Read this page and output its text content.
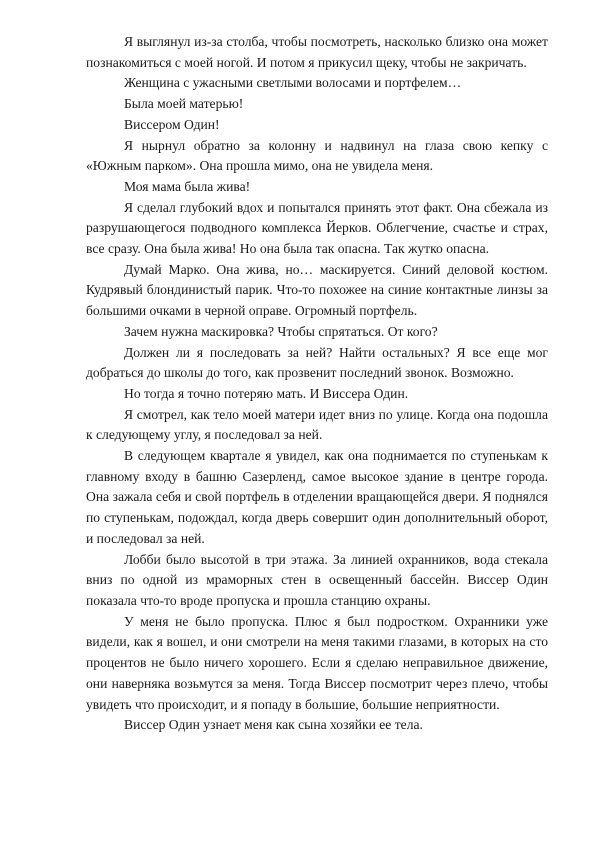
Я выглянул из-за столба, чтобы посмотреть, насколько близко она может познакомиться с моей ногой. И потом я прикусил щеку, чтобы не закричать.

Женщина с ужасными светлыми волосами и портфелем…

Была моей матерью!

Виссером Один!

Я нырнул обратно за колонну и надвинул на глаза свою кепку с «Южным парком». Она прошла мимо, она не увидела меня.

Моя мама была жива!

Я сделал глубокий вдох и попытался принять этот факт. Она сбежала из разрушающегося подводного комплекса Йерков. Облегчение, счастье и страх, все сразу. Она была жива! Но она была так опасна. Так жутко опасна.

Думай Марко. Она жива, но… маскируется. Синий деловой костюм. Кудрявый блондинистый парик. Что-то похожее на синие контактные линзы за большими очками в черной оправе. Огромный портфель.

Зачем нужна маскировка? Чтобы спрятаться. От кого?

Должен ли я последовать за ней? Найти остальных? Я все еще мог добраться до школы до того, как прозвенит последний звонок. Возможно.

Но тогда я точно потеряю мать. И Виссера Один.

Я смотрел, как тело моей матери идет вниз по улице. Когда она подошла к следующему углу, я последовал за ней.

В следующем квартале я увидел, как она поднимается по ступенькам к главному входу в башню Сазерленд, самое высокое здание в центре города. Она зажала себя и свой портфель в отделении вращающейся двери. Я поднялся по ступенькам, подождал, когда дверь совершит один дополнительный оборот, и последовал за ней.

Лобби было высотой в три этажа. За линией охранников, вода стекала вниз по одной из мраморных стен в освещенный бассейн. Виссер Один показала что-то вроде пропуска и прошла станцию охраны.

У меня не было пропуска. Плюс я был подростком. Охранники уже видели, как я вошел, и они смотрели на меня такими глазами, в которых на сто процентов не было ничего хорошего. Если я сделаю неправильное движение, они наверняка возьмутся за меня. Тогда Виссер посмотрит через плечо, чтобы увидеть что происходит, и я попаду в большие, большие неприятности.

Виссер Один узнает меня как сына хозяйки ее тела.
